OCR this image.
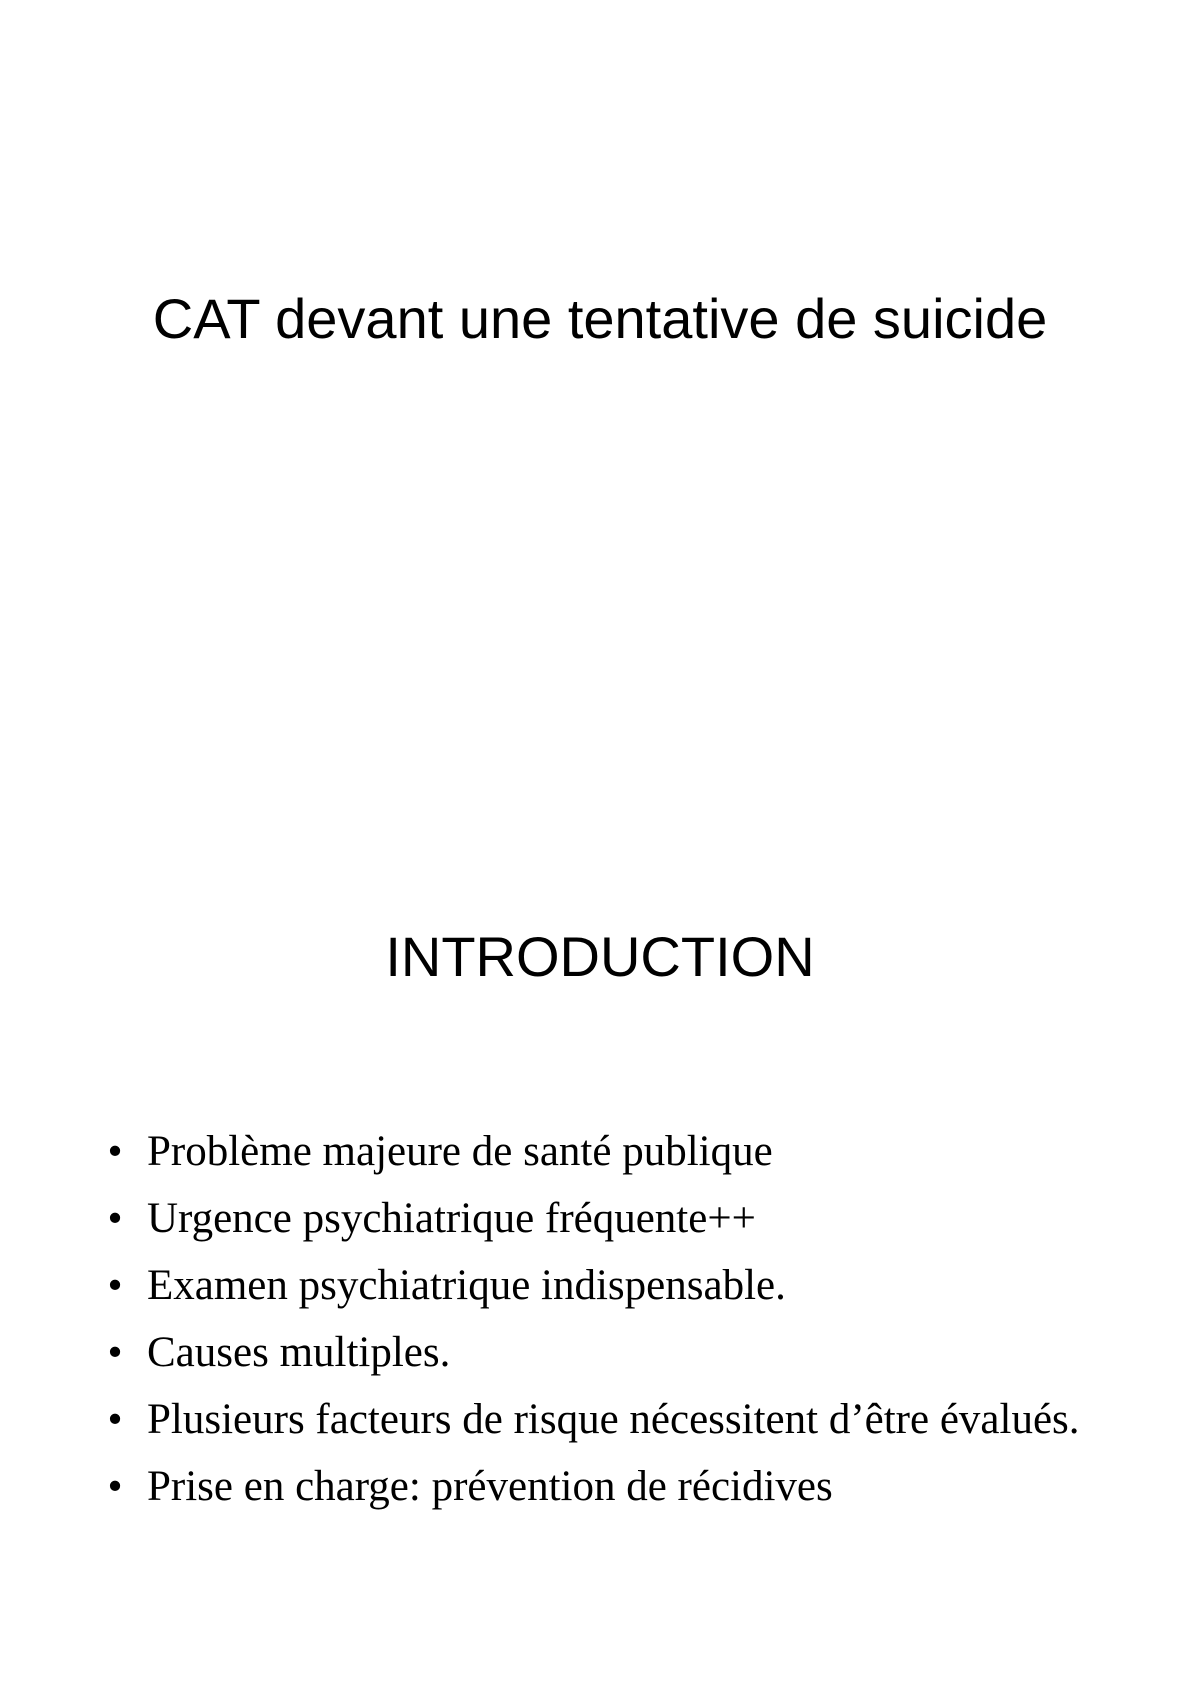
CAT devant une tentative de suicide
INTRODUCTION
• Problème majeure de santé publique
• Urgence psychiatrique fréquente++
• Examen psychiatrique indispensable.
• Causes multiples.
• Plusieurs facteurs de risque nécessitent d’être évalués.
• Prise en charge: prévention de récidives
